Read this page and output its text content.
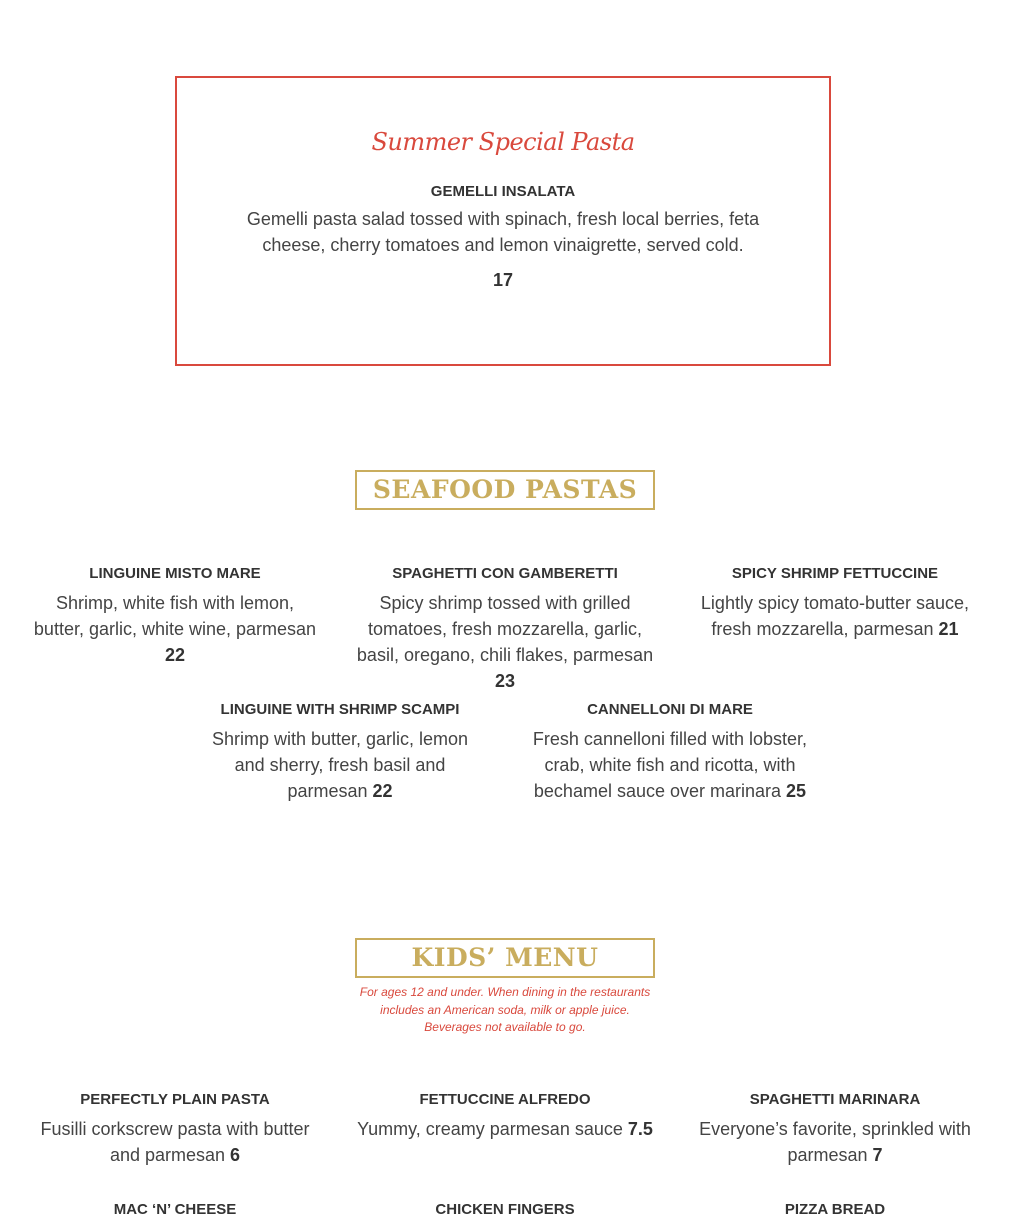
Summer Special Pasta
GEMELLI INSALATA
Gemelli pasta salad tossed with spinach, fresh local berries, feta cheese, cherry tomatoes and lemon vinaigrette, served cold.
17
SEAFOOD PASTAS
LINGUINE MISTO MARE
Shrimp, white fish with lemon, butter, garlic, white wine, parmesan 22
SPAGHETTI CON GAMBERETTI
Spicy shrimp tossed with grilled tomatoes, fresh mozzarella, garlic, basil, oregano, chili flakes, parmesan 23
SPICY SHRIMP FETTUCCINE
Lightly spicy tomato-butter sauce, fresh mozzarella, parmesan 21
LINGUINE WITH SHRIMP SCAMPI
Shrimp with butter, garlic, lemon and sherry, fresh basil and parmesan 22
CANNELLONI DI MARE
Fresh cannelloni filled with lobster, crab, white fish and ricotta, with bechamel sauce over marinara 25
KIDS’ MENU
For ages 12 and under. When dining in the restaurants
includes an American soda, milk or apple juice.
Beverages not available to go.
PERFECTLY PLAIN PASTA
Fusilli corkscrew pasta with butter and parmesan 6
FETTUCCINE ALFREDO
Yummy, creamy parmesan sauce 7.5
SPAGHETTI MARINARA
Everyone’s favorite, sprinkled with parmesan 7
MAC ‘N’ CHEESE	CHICKEN FINGERS	PIZZA BREAD
